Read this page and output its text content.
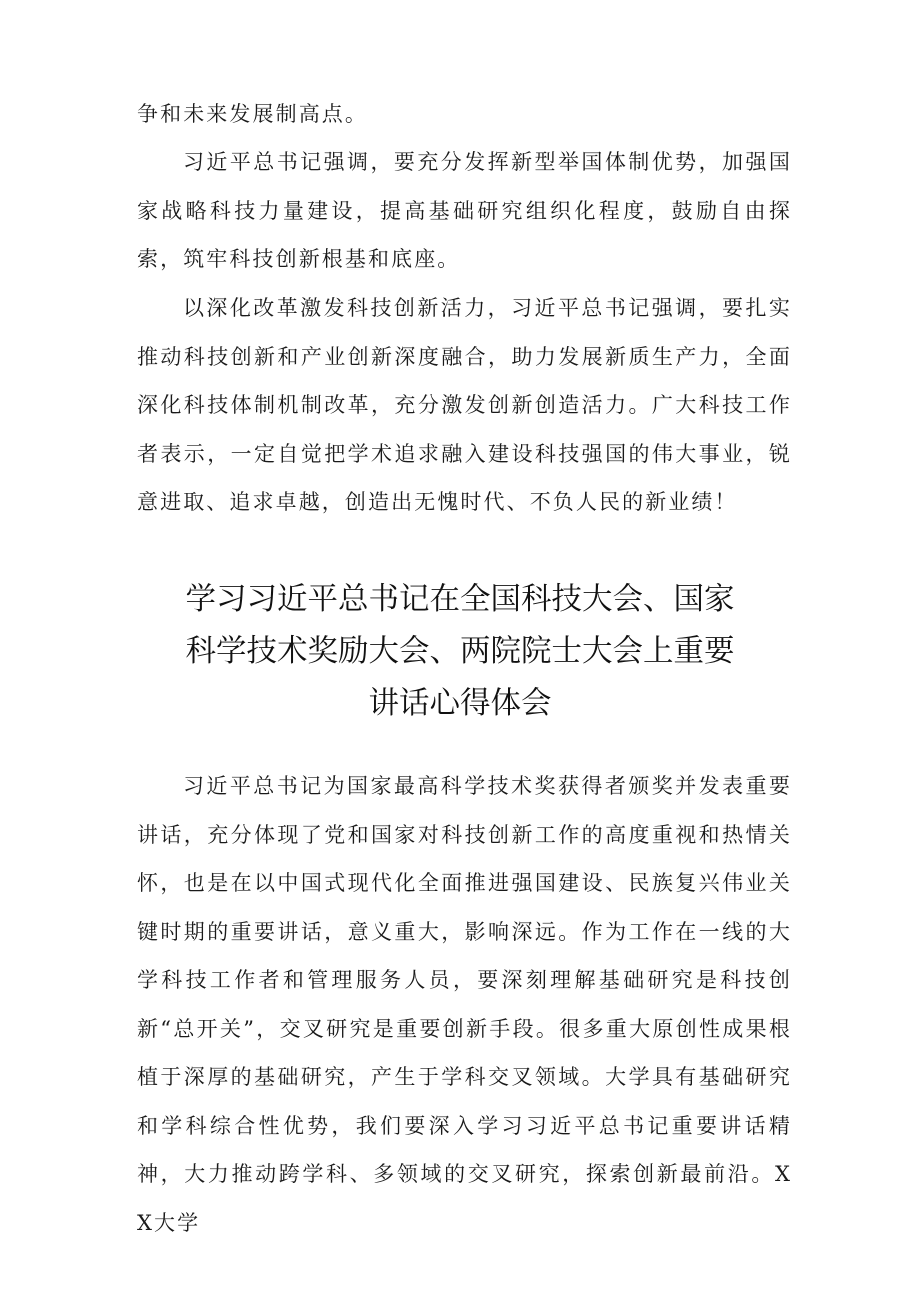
争和未来发展制高点。

习近平总书记强调，要充分发挥新型举国体制优势，加强国家战略科技力量建设，提高基础研究组织化程度，鼓励自由探索，筑牢科技创新根基和底座。

以深化改革激发科技创新活力，习近平总书记强调，要扎实推动科技创新和产业创新深度融合，助力发展新质生产力，全面深化科技体制机制改革，充分激发创新创造活力。广大科技工作者表示，一定自觉把学术追求融入建设科技强国的伟大事业，锐意进取、追求卓越，创造出无愧时代、不负人民的新业绩！

学习习近平总书记在全国科技大会、国家
科学技术奖励大会、两院院士大会上重要
讲话心得体会

习近平总书记为国家最高科学技术奖获得者颁奖并发表重要讲话，充分体现了党和国家对科技创新工作的高度重视和热情关怀，也是在以中国式现代化全面推进强国建设、民族复兴伟业关键时期的重要讲话，意义重大，影响深远。作为工作在一线的大学科技工作者和管理服务人员，要深刻理解基础研究是科技创新“总开关”，交叉研究是重要创新手段。很多重大原创性成果根植于深厚的基础研究，产生于学科交叉领域。大学具有基础研究和学科综合性优势，我们要深入学习习近平总书记重要讲话精神，大力推动跨学科、多领域的交叉研究，探索创新最前沿。XX大学
